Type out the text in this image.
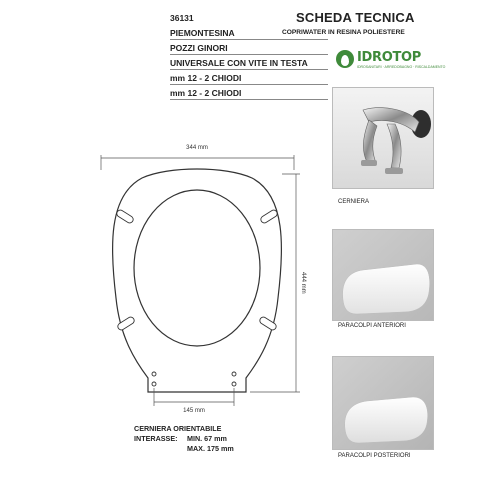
36131
PIEMONTESINA
POZZI GINORI
UNIVERSALE CON VITE IN TESTA
mm 12 - 2 CHIODI
mm 12 - 2 CHIODI
SCHEDA TECNICA
COPRIWATER IN RESINA POLIESTERE
IDROTOP
IDROSANITARI · ARREDOBAGNO · RISCALDAMENTO
344 mm
444 mm
145 mm
CERNIERA ORIENTABILE
INTERASSE: MIN. 67 mm
MAX. 175 mm
CERNIERA
PARACOLPI ANTERIORI
PARACOLPI POSTERIORI
